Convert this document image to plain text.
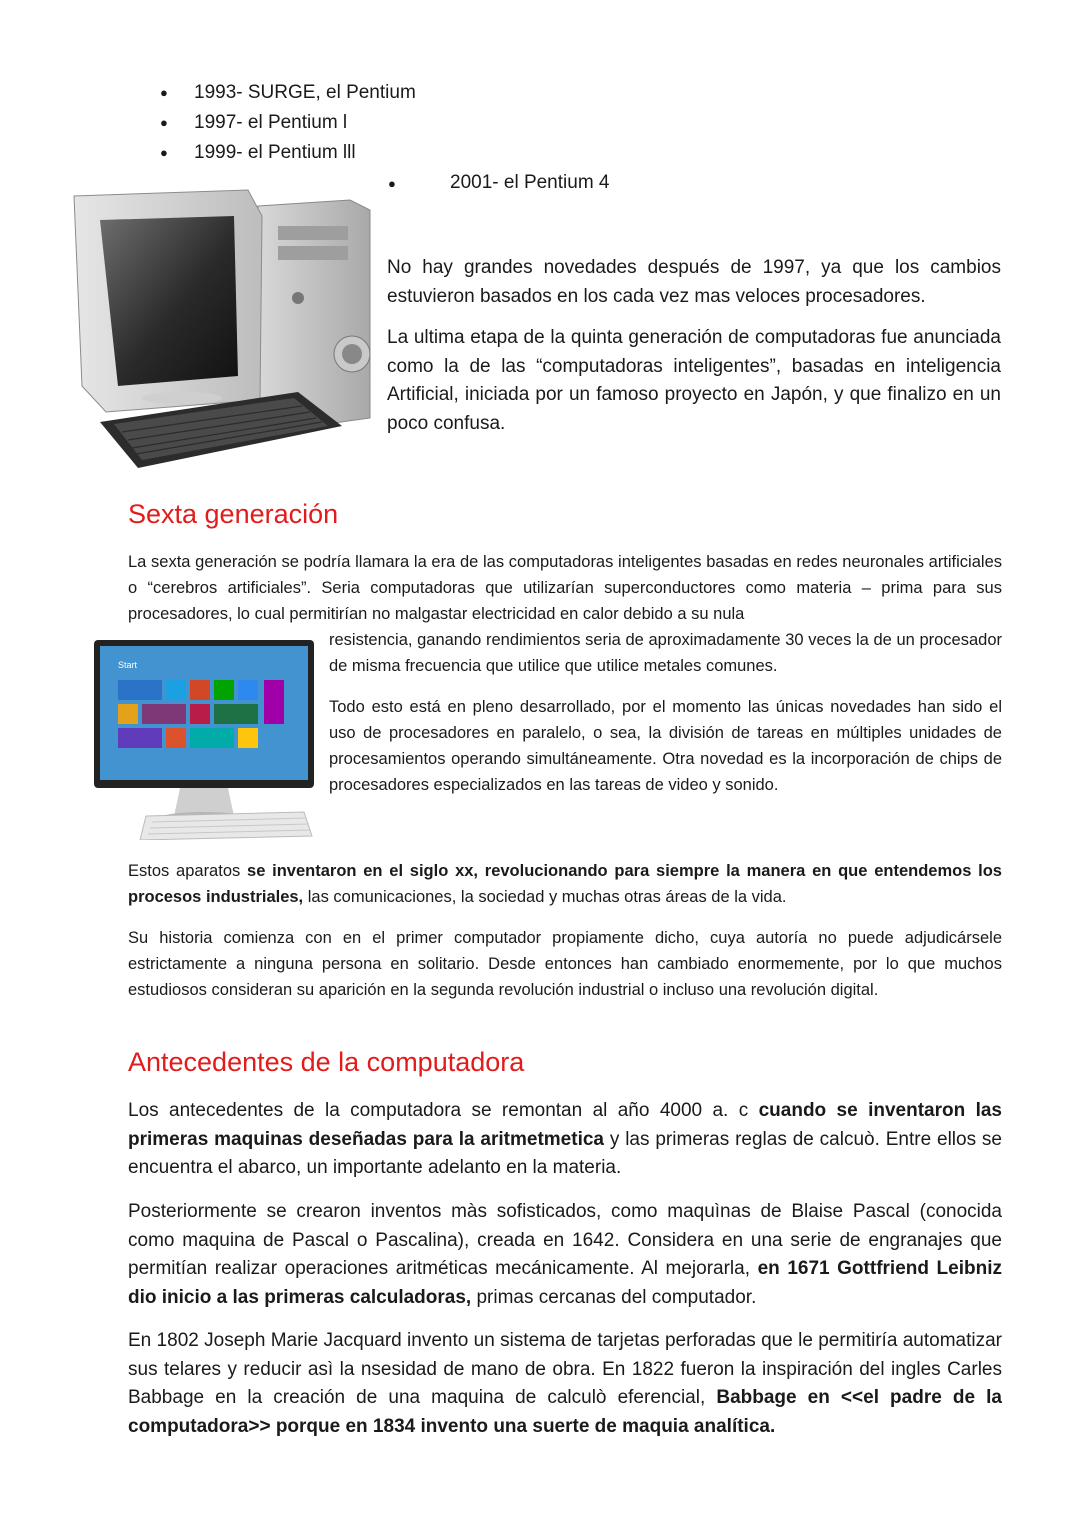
● 1993- SURGE, el Pentium
● 1997- el Pentium l
● 1999- el Pentium lll
●	2001- el Pentium 4

No hay grandes novedades después de 1997, ya que los cambios estuvieron basados en los cada vez mas veloces procesadores.

La ultima etapa de la quinta generación de computadoras fue anunciada como la de las “computadoras inteligentes”, basadas en inteligencia Artificial, iniciada por un famoso proyecto en Japón, y que finalizo en un poco confusa.

Sexta generación

La sexta generación se podría llamara la era de las computadoras inteligentes basadas en redes neuronales artificiales o “cerebros artificiales”. Seria computadoras que utilizarían superconductores como materia – prima para sus procesadores, lo cual permitirían no malgastar electricidad en calor debido a su nula

Start

resistencia, ganando rendimientos seria de aproximadamente 30 veces la de un procesador de misma frecuencia que utilice que utilice metales comunes.

Todo esto está en pleno desarrollado, por el momento las únicas novedades han sido el uso de procesadores en paralelo, o sea, la división de tareas en múltiples unidades de procesamientos operando simultáneamente. Otra novedad es la incorporación de chips de procesadores especializados en las tareas de video y sonido.

Estos aparatos se inventaron en el siglo xx, revolucionando para siempre la manera en que entendemos los procesos industriales, las comunicaciones, la sociedad y muchas otras áreas de la vida.

Su historia comienza con en el primer computador propiamente dicho, cuya autoría no puede adjudicársele estrictamente a ninguna persona en solitario. Desde entonces han cambiado enormemente, por lo que muchos estudiosos consideran su aparición en la segunda revolución industrial o incluso una revolución digital.

Antecedentes de la computadora

Los antecedentes de la computadora se remontan al año 4000 a. c cuando se inventaron las primeras maquinas deseñadas para la aritmetmetica y las primeras reglas de calcuò. Entre ellos se encuentra el abarco, un importante adelanto en la materia.

Posteriormente se crearon inventos màs sofisticados, como maquìnas de Blaise Pascal (conocida como maquina de Pascal o Pascalina), creada en 1642. Considera en una serie de engranajes que permitían realizar operaciones aritméticas mecánicamente. Al mejorarla, en 1671 Gottfriend Leibniz dio inicio a las primeras calculadoras, primas cercanas del computador.

En 1802 Joseph Marie Jacquard invento un sistema de tarjetas perforadas que le permitiría automatizar sus telares y reducir asì la nsesidad de mano de obra. En 1822 fueron la inspiración del ingles Carles Babbage en la creación de una maquina de calculò eferencial, Babbage en <<el padre de la computadora>> porque en 1834 invento una suerte de maquia analítica.
